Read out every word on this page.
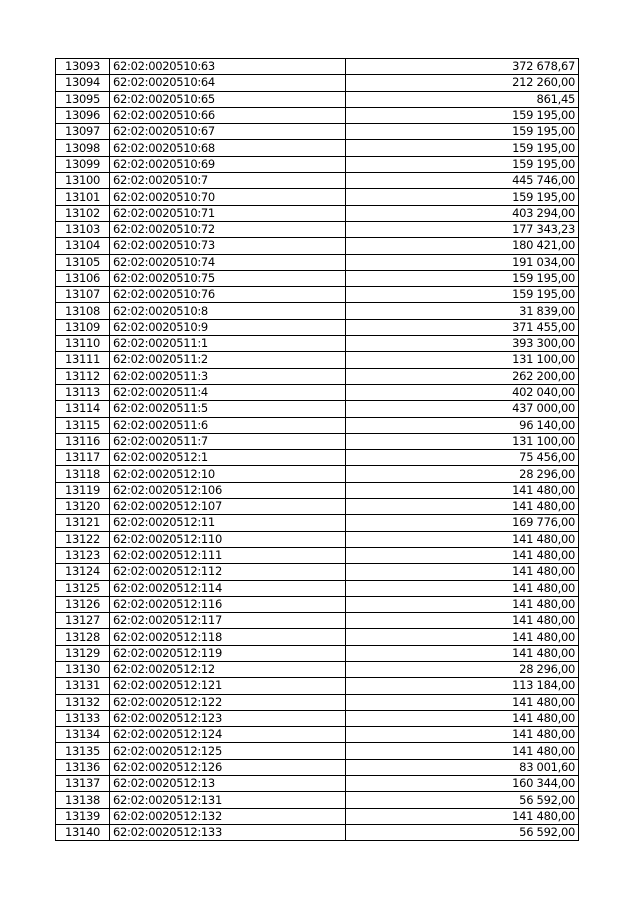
13093	62:02:0020510:63	372 678,67
13094	62:02:0020510:64	212 260,00
13095	62:02:0020510:65	861,45
13096	62:02:0020510:66	159 195,00
13097	62:02:0020510:67	159 195,00
13098	62:02:0020510:68	159 195,00
13099	62:02:0020510:69	159 195,00
13100	62:02:0020510:7	445 746,00
13101	62:02:0020510:70	159 195,00
13102	62:02:0020510:71	403 294,00
13103	62:02:0020510:72	177 343,23
13104	62:02:0020510:73	180 421,00
13105	62:02:0020510:74	191 034,00
13106	62:02:0020510:75	159 195,00
13107	62:02:0020510:76	159 195,00
13108	62:02:0020510:8	31 839,00
13109	62:02:0020510:9	371 455,00
13110	62:02:0020511:1	393 300,00
13111	62:02:0020511:2	131 100,00
13112	62:02:0020511:3	262 200,00
13113	62:02:0020511:4	402 040,00
13114	62:02:0020511:5	437 000,00
13115	62:02:0020511:6	96 140,00
13116	62:02:0020511:7	131 100,00
13117	62:02:0020512:1	75 456,00
13118	62:02:0020512:10	28 296,00
13119	62:02:0020512:106	141 480,00
13120	62:02:0020512:107	141 480,00
13121	62:02:0020512:11	169 776,00
13122	62:02:0020512:110	141 480,00
13123	62:02:0020512:111	141 480,00
13124	62:02:0020512:112	141 480,00
13125	62:02:0020512:114	141 480,00
13126	62:02:0020512:116	141 480,00
13127	62:02:0020512:117	141 480,00
13128	62:02:0020512:118	141 480,00
13129	62:02:0020512:119	141 480,00
13130	62:02:0020512:12	28 296,00
13131	62:02:0020512:121	113 184,00
13132	62:02:0020512:122	141 480,00
13133	62:02:0020512:123	141 480,00
13134	62:02:0020512:124	141 480,00
13135	62:02:0020512:125	141 480,00
13136	62:02:0020512:126	83 001,60
13137	62:02:0020512:13	160 344,00
13138	62:02:0020512:131	56 592,00
13139	62:02:0020512:132	141 480,00
13140	62:02:0020512:133	56 592,00
